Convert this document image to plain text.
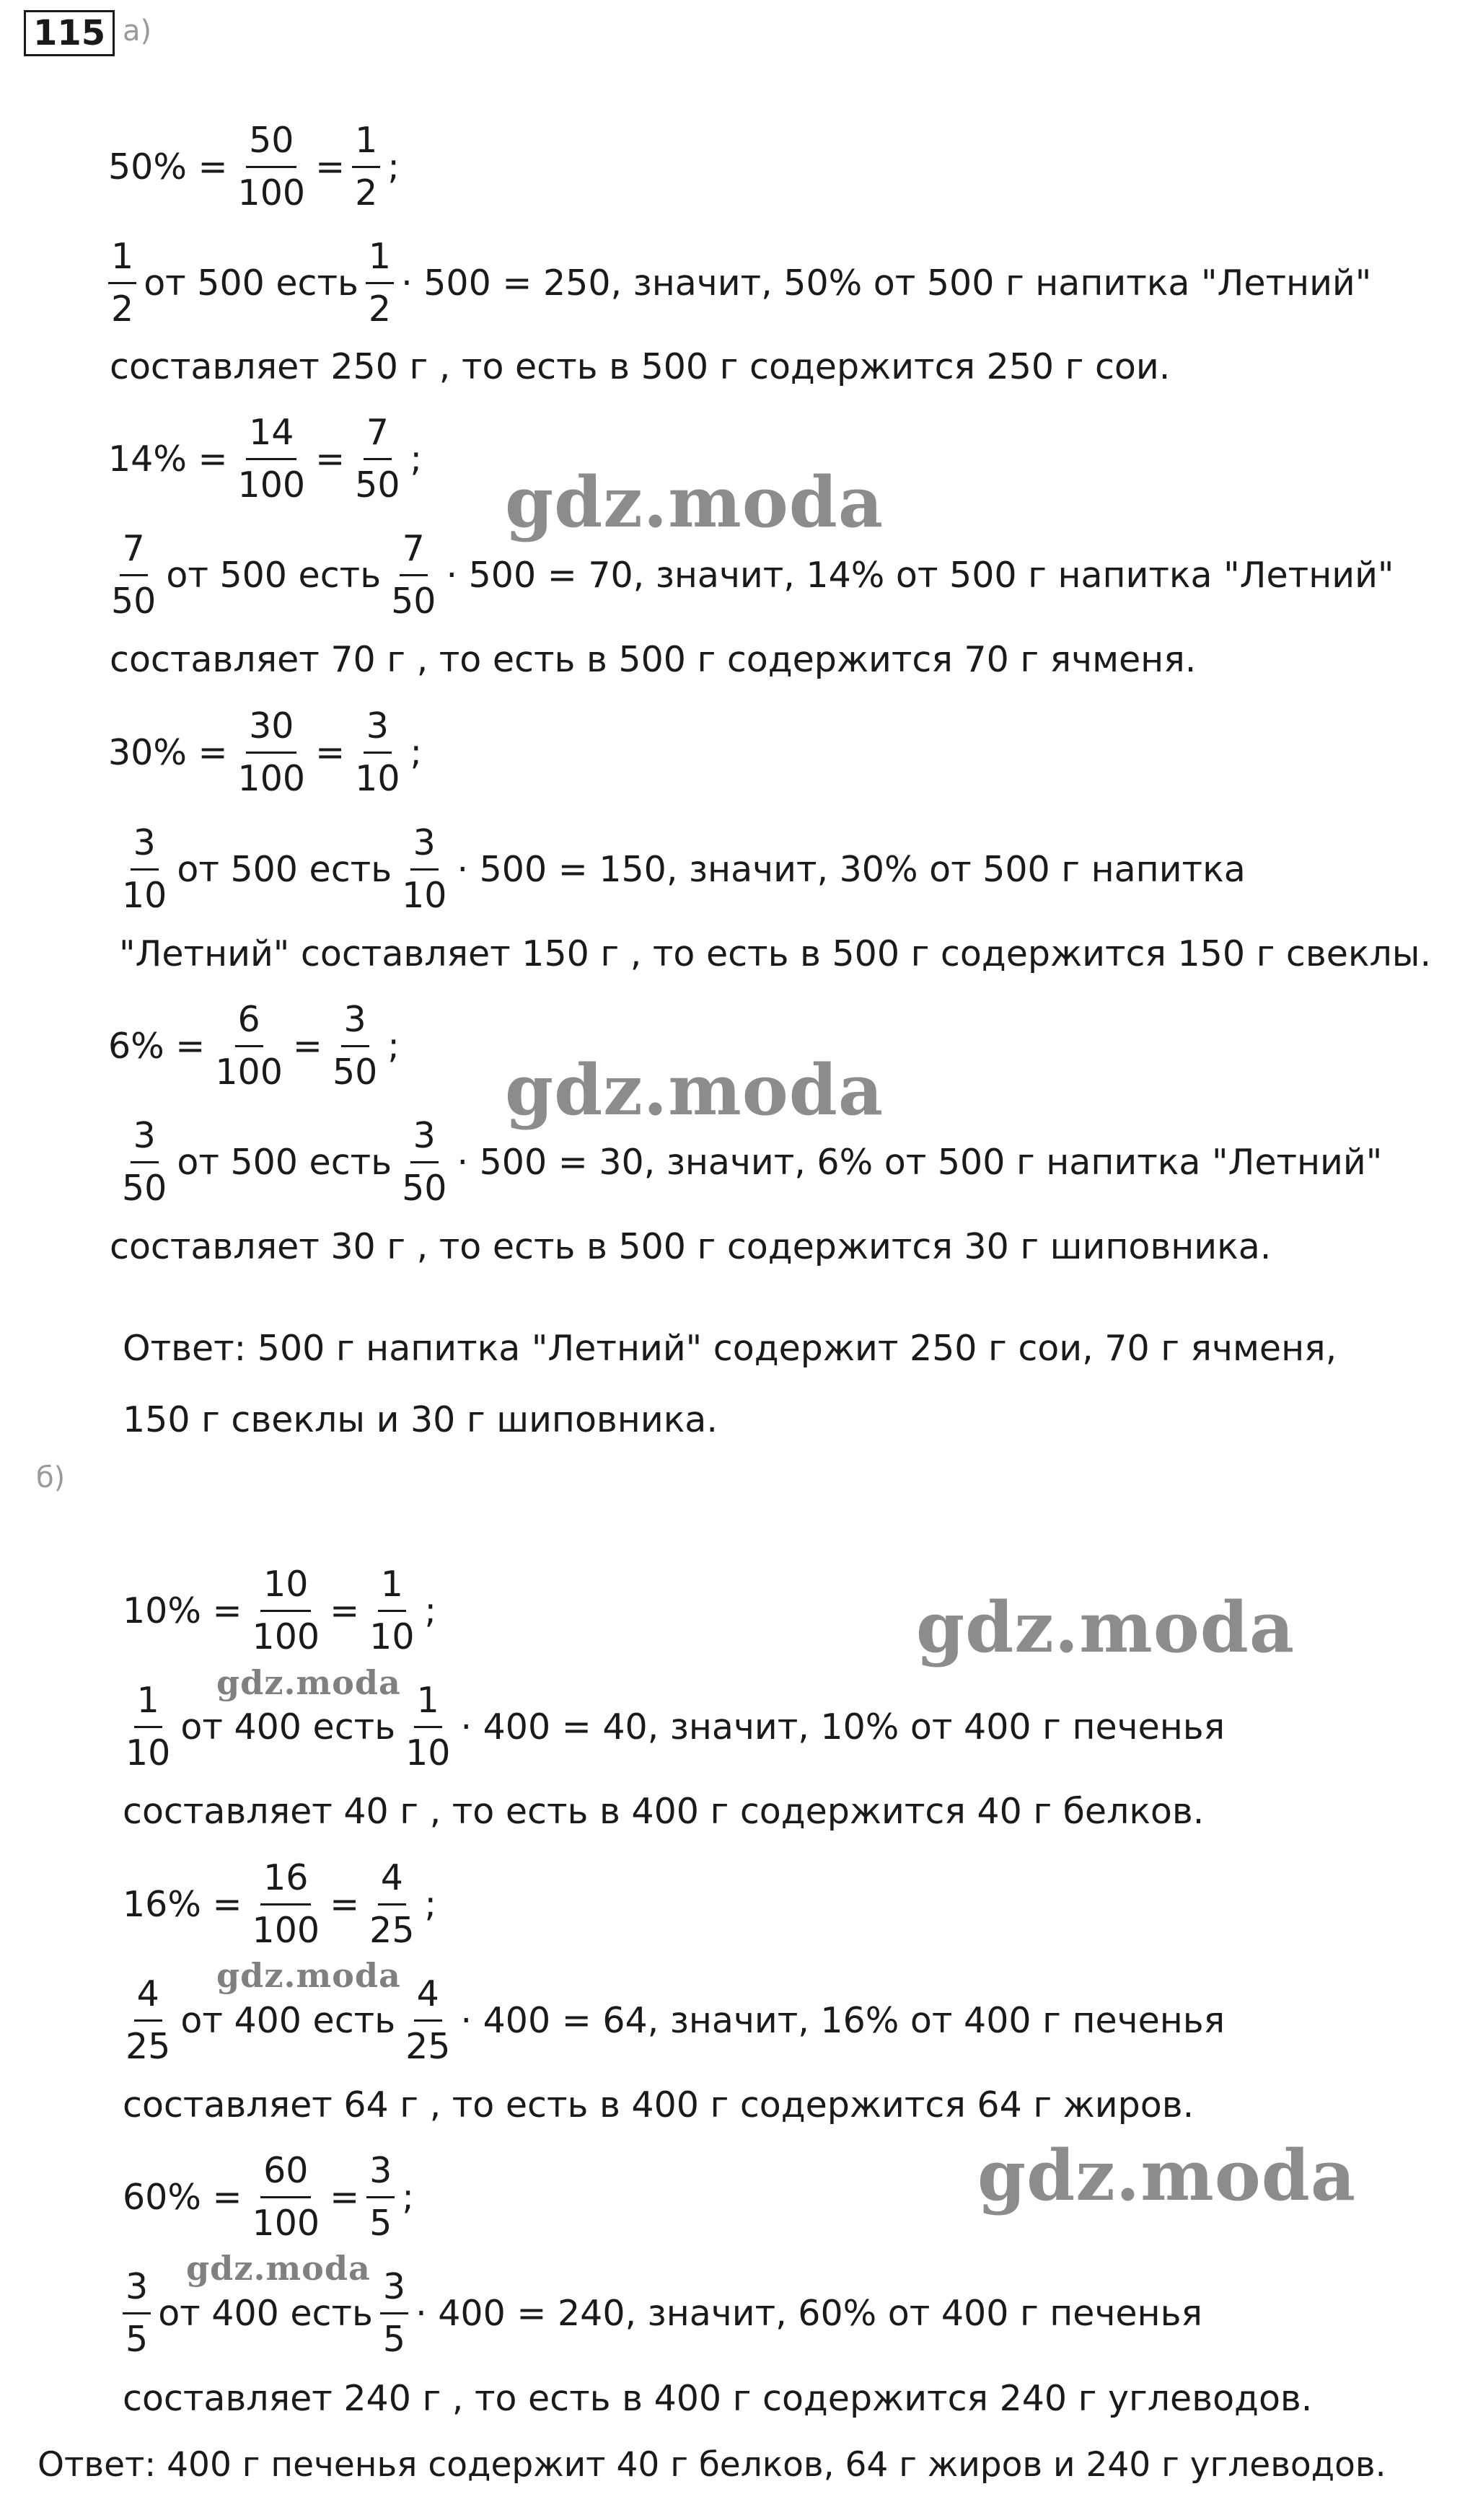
115 а)
$50\% = \frac{50}{100} = \frac{1}{2}$ ;
$\frac{1}{2}$ от 500 есть $\frac{1}{2} \cdot 500 = 250$, значит, 50% от 500 г напитка "Летний"
составляет 250 г , то есть в 500 г содержится 250 г сои.
$14\% = \frac{14}{100} = \frac{7}{50}$ ;
$\frac{7}{50}$ от 500 есть $\frac{7}{50} \cdot 500 = 70$, значит, 14% от 500 г напитка "Летний"
составляет 70 г , то есть в 500 г содержится 70 г ячменя.
$30\% = \frac{30}{100} = \frac{3}{10}$ ;
$\frac{3}{10}$ от 500 есть $\frac{3}{10} \cdot 500 = 150$, значит, 30% от 500 г напитка
"Летний" составляет 150 г , то есть в 500 г содержится 150 г свеклы.
$6\% = \frac{6}{100} = \frac{3}{50}$ ;
$\frac{3}{50}$ от 500 есть $\frac{3}{50} \cdot 500 = 30$, значит, 6% от 500 г напитка "Летний"
составляет 30 г , то есть в 500 г содержится 30 г шиповника.
Ответ: 500 г напитка "Летний" содержит 250 г сои, 70 г ячменя,
150 г свеклы и 30 г шиповника.
б)
$10\% = \frac{10}{100} = \frac{1}{10}$ ;
$\frac{1}{10}$ от 400 есть $\frac{1}{10} \cdot 400 = 40$, значит, 10% от 400 г печенья
составляет 40 г , то есть в 400 г содержится 40 г белков.
$16\% = \frac{16}{100} = \frac{4}{25}$ ;
$\frac{4}{25}$ от 400 есть $\frac{4}{25} \cdot 400 = 64$, значит, 16% от 400 г печенья
составляет 64 г , то есть в 400 г содержится 64 г жиров.
$60\% = \frac{60}{100} = \frac{3}{5}$ ;
$\frac{3}{5}$ от 400 есть $\frac{3}{5} \cdot 400 = 240$, значит, 60% от 400 г печенья
составляет 240 г , то есть в 400 г содержится 240 г углеводов.
Ответ: 400 г печенья содержит 40 г белков, 64 г жиров и 240 г углеводов.
gdz.moda
gdz.moda
gdz.moda
gdz.moda
gdz.moda
gdz.moda
gdz.moda
